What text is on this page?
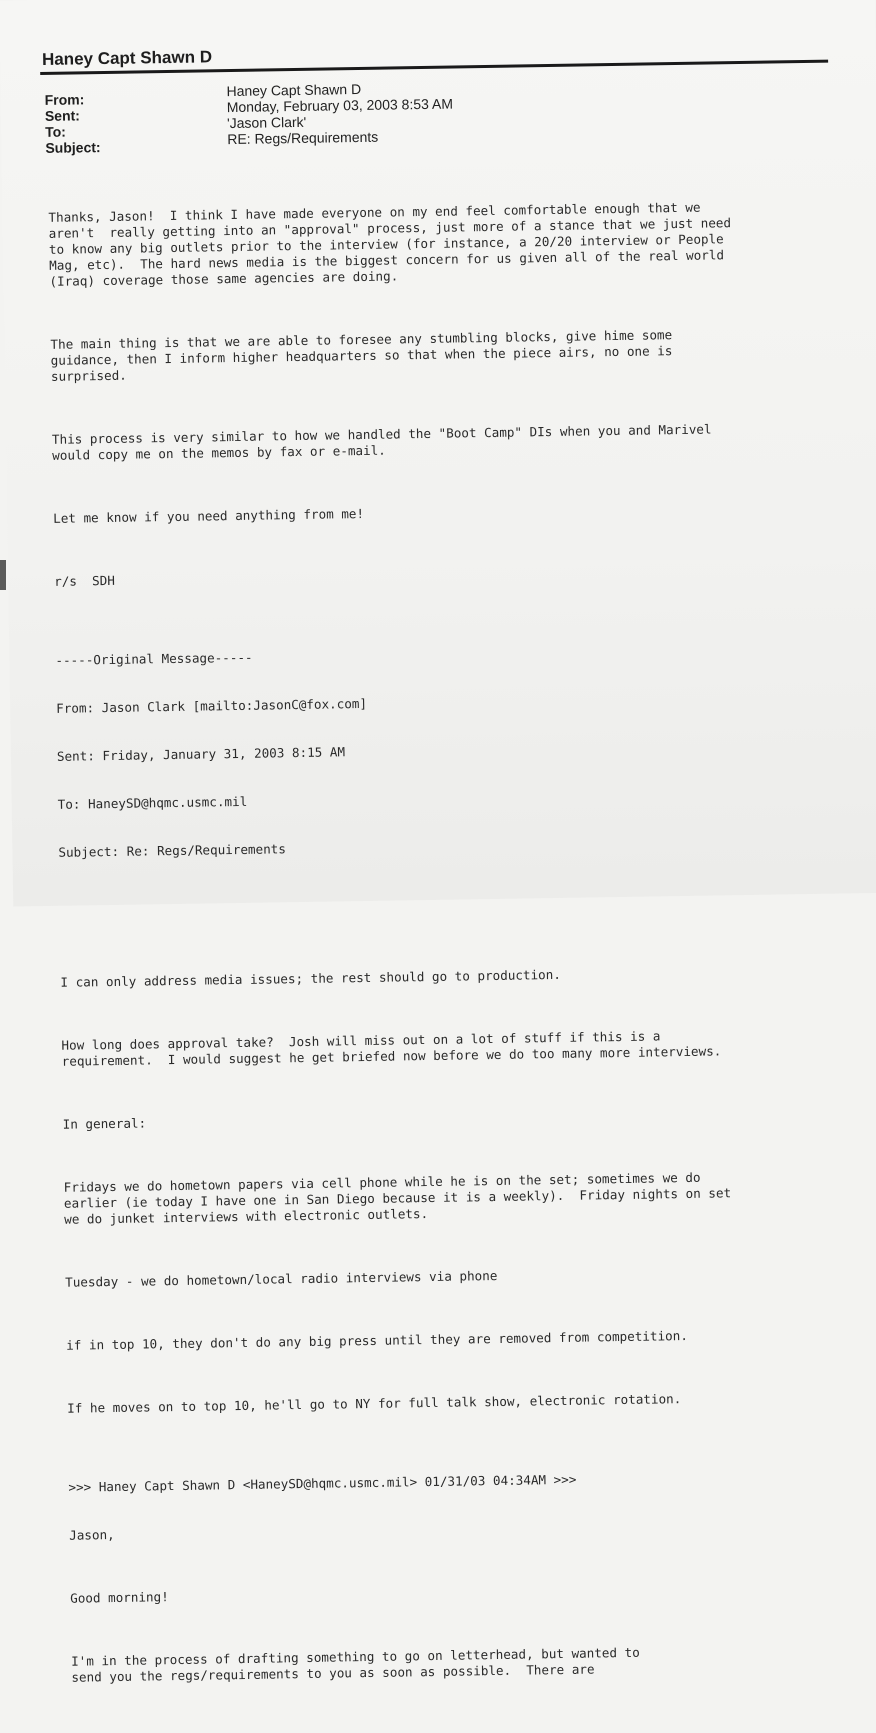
Haney Capt Shawn D
From:
Sent:
To:
Subject:
Haney Capt Shawn D
Monday, February 03, 2003 8:53 AM
'Jason Clark'
RE: Regs/Requirements

Thanks, Jason!  I think I have made everyone on my end feel comfortable enough that we
aren't  really getting into an "approval" process, just more of a stance that we just need
to know any big outlets prior to the interview (for instance, a 20/20 interview or People
Mag, etc).  The hard news media is the biggest concern for us given all of the real world
(Iraq) coverage those same agencies are doing.

The main thing is that we are able to foresee any stumbling blocks, give hime some
guidance, then I inform higher headquarters so that when the piece airs, no one is
surprised.

This process is very similar to how we handled the "Boot Camp" DIs when you and Marivel
would copy me on the memos by fax or e-mail.

Let me know if you need anything from me!

r/s  SDH

-----Original Message-----

From: Jason Clark [mailto:JasonC@fox.com]

Sent: Friday, January 31, 2003 8:15 AM

To: HaneySD@hqmc.usmc.mil

Subject: Re: Regs/Requirements

I can only address media issues; the rest should go to production.

How long does approval take?  Josh will miss out on a lot of stuff if this is a
requirement.  I would suggest he get briefed now before we do too many more interviews.

In general:

Fridays we do hometown papers via cell phone while he is on the set; sometimes we do
earlier (ie today I have one in San Diego because it is a weekly).  Friday nights on set
we do junket interviews with electronic outlets.

Tuesday - we do hometown/local radio interviews via phone

if in top 10, they don't do any big press until they are removed from competition.

If he moves on to top 10, he'll go to NY for full talk show, electronic rotation.

>>> Haney Capt Shawn D <HaneySD@hqmc.usmc.mil> 01/31/03 04:34AM >>>

Jason,

Good morning!

I'm in the process of drafting something to go on letterhead, but wanted to
send you the regs/requirements to you as soon as possible.  There are
